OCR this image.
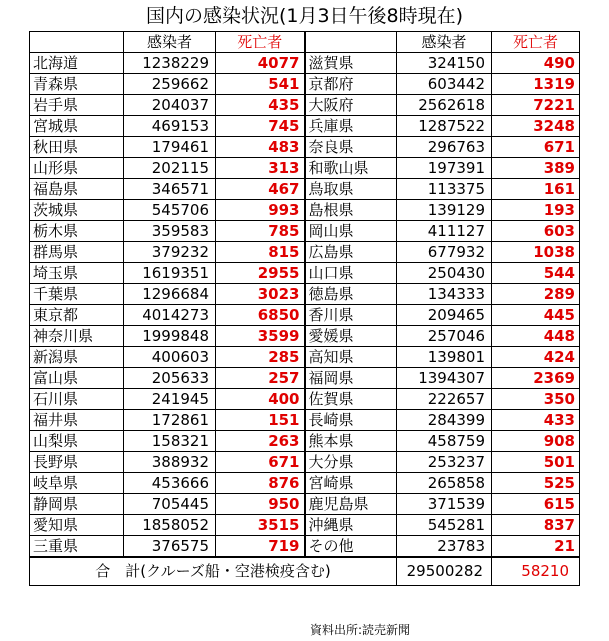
国内の感染状況(1月3日午後8時現在)
	感染者	死亡者		感染者	死亡者
北海道	1238229	4077	滋賀県	324150	490
青森県	259662	541	京都府	603442	1319
岩手県	204037	435	大阪府	2562618	7221
宮城県	469153	745	兵庫県	1287522	3248
秋田県	179461	483	奈良県	296763	671
山形県	202115	313	和歌山県	197391	389
福島県	346571	467	鳥取県	113375	161
茨城県	545706	993	島根県	139129	193
栃木県	359583	785	岡山県	411127	603
群馬県	379232	815	広島県	677932	1038
埼玉県	1619351	2955	山口県	250430	544
千葉県	1296684	3023	徳島県	134333	289
東京都	4014273	6850	香川県	209465	445
神奈川県	1999848	3599	愛媛県	257046	448
新潟県	400603	285	高知県	139801	424
富山県	205633	257	福岡県	1394307	2369
石川県	241945	400	佐賀県	222657	350
福井県	172861	151	長崎県	284399	433
山梨県	158321	263	熊本県	458759	908
長野県	388932	671	大分県	253237	501
岐阜県	453666	876	宮崎県	265858	525
静岡県	705445	950	鹿児島県	371539	615
愛知県	1858052	3515	沖縄県	545281	837
三重県	376575	719	その他	23783	21
合　計(クルーズ船・空港検疫含む)				29500282	58210
資料出所:読売新聞
